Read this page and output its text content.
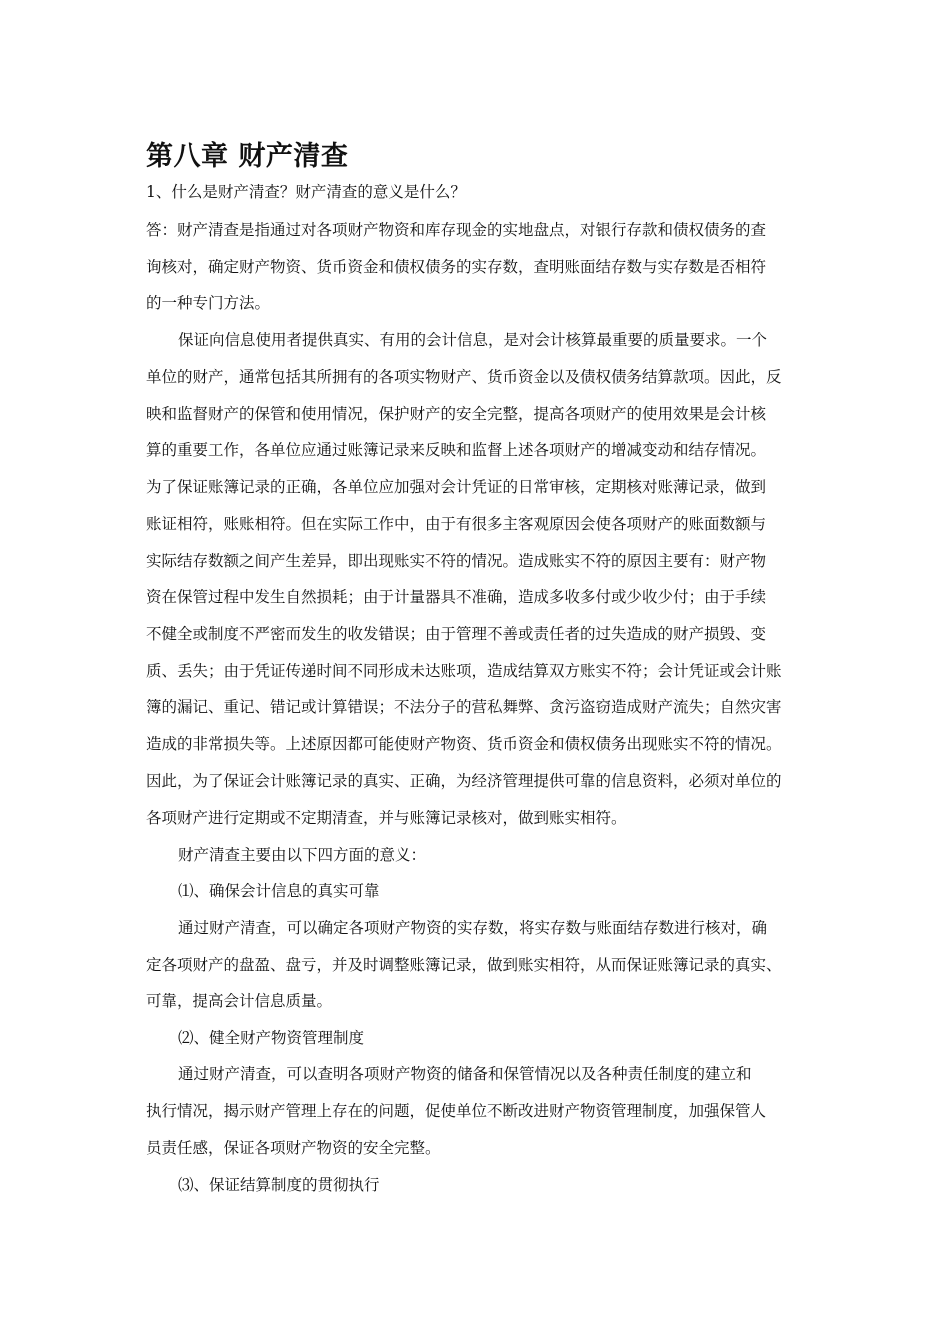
第八章 财产清查
1、什么是财产清查？财产清查的意义是什么？
答：财产清查是指通过对各项财产物资和库存现金的实地盘点，对银行存款和债权债务的查
询核对，确定财产物资、货币资金和债权债务的实存数，查明账面结存数与实存数是否相符
的一种专门方法。
保证向信息使用者提供真实、有用的会计信息，是对会计核算最重要的质量要求。一个
单位的财产，通常包括其所拥有的各项实物财产、货币资金以及债权债务结算款项。因此，反
映和监督财产的保管和使用情况，保护财产的安全完整，提高各项财产的使用效果是会计核
算的重要工作，各单位应通过账簿记录来反映和监督上述各项财产的增减变动和结存情况。
为了保证账簿记录的正确，各单位应加强对会计凭证的日常审核，定期核对账薄记录，做到
账证相符，账账相符。但在实际工作中，由于有很多主客观原因会使各项财产的账面数额与
实际结存数额之间产生差异，即出现账实不符的情况。造成账实不符的原因主要有：财产物
资在保管过程中发生自然损耗；由于计量器具不准确，造成多收多付或少收少付；由于手续
不健全或制度不严密而发生的收发错误；由于管理不善或责任者的过失造成的财产损毁、变
质、丢失；由于凭证传递时间不同形成未达账项，造成结算双方账实不符；会计凭证或会计账
簿的漏记、重记、错记或计算错误；不法分子的营私舞弊、贪污盗窃造成财产流失；自然灾害
造成的非常损失等。上述原因都可能使财产物资、货币资金和债权债务出现账实不符的情况。
因此，为了保证会计账簿记录的真实、正确，为经济管理提供可靠的信息资料，必须对单位的
各项财产进行定期或不定期清查，并与账簿记录核对，做到账实相符。
财产清查主要由以下四方面的意义：
⑴、确保会计信息的真实可靠
通过财产清查，可以确定各项财产物资的实存数，将实存数与账面结存数进行核对，确
定各项财产的盘盈、盘亏，并及时调整账簿记录，做到账实相符，从而保证账簿记录的真实、
可靠，提高会计信息质量。
⑵、健全财产物资管理制度
通过财产清查，可以查明各项财产物资的储备和保管情况以及各种责任制度的建立和
执行情况，揭示财产管理上存在的问题，促使单位不断改进财产物资管理制度，加强保管人
员责任感，保证各项财产物资的安全完整。
⑶、保证结算制度的贯彻执行
